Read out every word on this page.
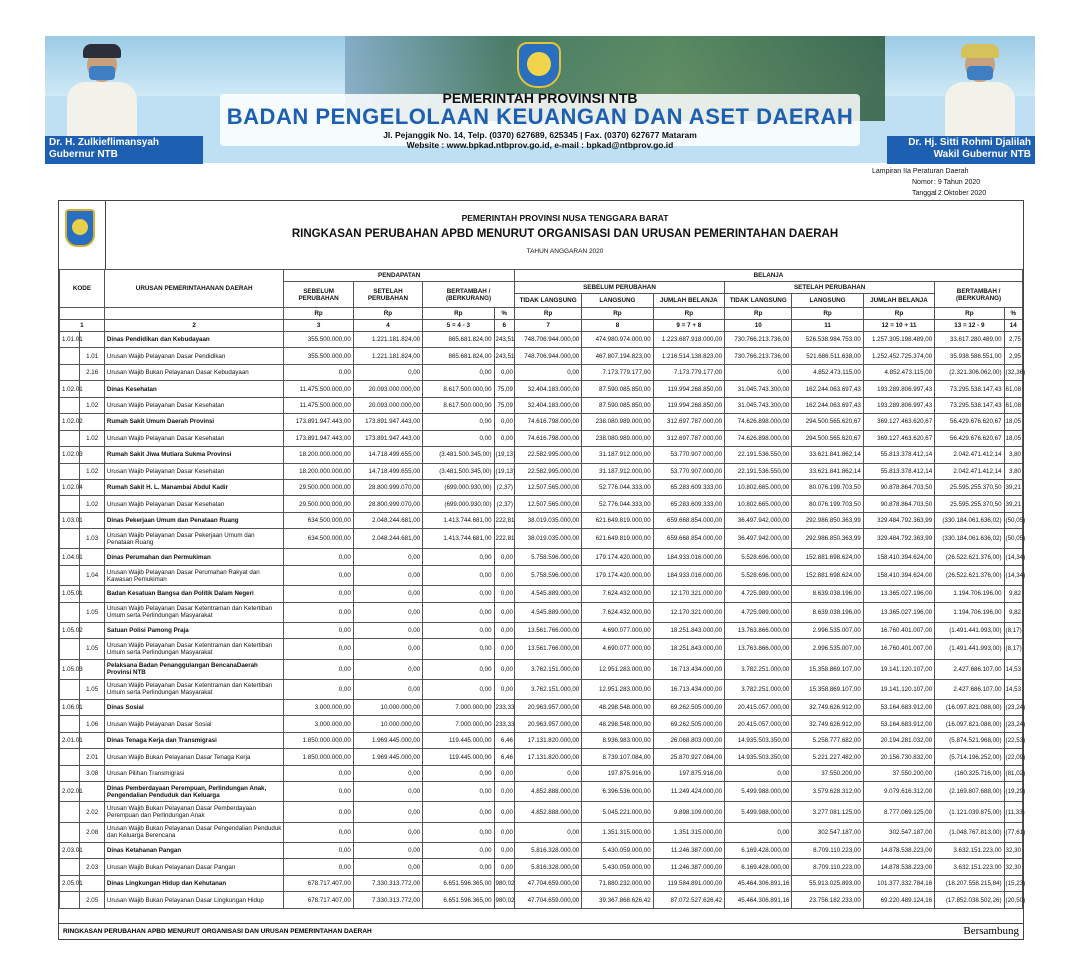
Dr. H. Zulkieflimansyah
Gubernur NTB
Dr. Hj. Sitti Rohmi Djalilah
Wakil Gubernur NTB
PEMERINTAH PROVINSI NTB
BADAN PENGELOLAAN KEUANGAN DAN ASET DAERAH
Jl. Pejanggik No. 14, Telp. (0370) 627689, 625345 | Fax. (0370) 627677 Mataram
Website : www.bpkad.ntbprov.go.id, e-mail : bpkad@ntbprov.go.id
Lampiran IIa Peraturan Daerah
Nomor : 9 Tahun 2020
Tanggal : 2 Oktober 2020
PEMERINTAH PROVINSI NUSA TENGGARA BARAT
RINGKASAN PERUBAHAN APBD MENURUT ORGANISASI DAN URUSAN PEMERINTAHAN DAERAH
TAHUN ANGGARAN 2020
KODE		URUSAN PEMERINTAHANAN DAERAH	PENDAPATAN				BELANJA							
			SEBELUM PERUBAHAN	SETELAH PERUBAHAN	BERTAMBAH / (BERKURANG)		SEBELUM PERUBAHAN			SETELAH PERUBAHAN			BERTAMBAH / (BERKURANG)	
							TIDAK LANGSUNG	LANGSUNG	JUMLAH BELANJA	TIDAK LANGSUNG	LANGSUNG	JUMLAH BELANJA		
			Rp	Rp	Rp	%	Rp	Rp	Rp	Rp	Rp	Rp	Rp	%
1		2	3	4	5 = 4 - 3	6	7	8	9 = 7 + 8	10	11	12 = 10 + 11	13 = 12 - 9	14
1.01.01		Dinas Pendidikan dan Kebudayaan	355.500.000,00	1.221.181.824,00	865.681.824,00	243,51	748.706.944.000,00	474.980.974.000,00	1.223.687.918.000,00	730.766.213.736,00	526.538.984.753,00	1.257.305.198.489,00	33.617.280.489,00	2,75
	1.01	Urusan Wajib Pelayanan Dasar Pendidikan	355.500.000,00	1.221.181.824,00	865.681.824,00	243,51	748.706.944.000,00	467.807.194.823,00	1.216.514.138.823,00	730.766.213.736,00	521.686.511.638,00	1.252.452.725.374,00	35.938.586.551,00	2,95
	2.16	Urusan Wajib Bukan Pelayanan Dasar Kebudayaan	0,00	0,00	0,00	0,00	0,00	7.173.779.177,00	7.173.779.177,00	0,00	4.852.473.115,00	4.852.473.115,00	(2.321.306.062,00)	(32,36)
1.02.01		Dinas Kesehatan	11.475.500.000,00	20.093.000.000,00	8.617.500.000,00	75,09	32.404.183.000,00	87.590.085.850,00	119.994.268.850,00	31.045.743.300,00	162.244.063.697,43	193.289.806.997,43	73.295.538.147,43	61,08
	1.02	Urusan Wajib Pelayanan Dasar Kesehatan	11.475.500.000,00	20.093.000.000,00	8.617.500.000,00	75,09	32.404.183.000,00	87.590.085.850,00	119.994.268.850,00	31.045.743.300,00	162.244.063.697,43	193.289.806.997,43	73.295.538.147,43	61,08
1.02.02		Rumah Sakit Umum Daerah Provinsi	173.891.947.443,00	173.891.947.443,00	0,00	0,00	74.616.798.000,00	238.080.989.000,00	312.697.787.000,00	74.626.898.000,00	294.500.565.620,67	369.127.463.620,67	56.429.676.620,67	18,05
	1.02	Urusan Wajib Pelayanan Dasar Kesehatan	173.891.947.443,00	173.891.947.443,00	0,00	0,00	74.616.798.000,00	238.080.989.000,00	312.697.787.000,00	74.626.898.000,00	294.500.565.620,67	369.127.463.620,67	56.429.676.620,67	18,05
1.02.03		Rumah Sakit Jiwa Mutiara Sukma Provinsi	18.200.000.000,00	14.718.499.655,00	(3.481.500.345,00)	(19,13)	22.582.995.000,00	31.187.912.000,00	53.770.907.000,00	22.191.536.550,00	33.621.841.862,14	55.813.378.412,14	2.042.471.412,14	3,80
	1.02	Urusan Wajib Pelayanan Dasar Kesehatan	18.200.000.000,00	14.718.499.655,00	(3.481.500.345,00)	(19,13)	22.582.995.000,00	31.187.912.000,00	53.770.907.000,00	22.191.536.550,00	33.621.841.862,14	55.813.378.412,14	2.042.471.412,14	3,80
1.02.04		Rumah Sakit H. L. Manambai Abdul Kadir	29.500.000.000,00	28.800.999.070,00	(699.000.930,00)	(2,37)	12.507.565.000,00	52.776.044.333,00	65.283.609.333,00	10.802.665.000,00	80.076.199.703,50	90.878.864.703,50	25.595.255.370,50	39,21
	1.02	Urusan Wajib Pelayanan Dasar Kesehatan	29.500.000.000,00	28.800.999.070,00	(699.000.930,00)	(2,37)	12.507.565.000,00	52.776.044.333,00	65.283.609.333,00	10.802.665.000,00	80.076.199.703,50	90.878.864.703,50	25.595.255.370,50	39,21
1.03.01		Dinas Pekerjaan Umum dan Penataan Ruang	634.500.000,00	2.048.244.681,00	1.413.744.681,00	222,81	38.019.035.000,00	621.649.819.000,00	659.668.854.000,00	36.497.942.000,00	292.986.850.363,99	329.484.792.363,99	(330.184.061.636,02)	(50,05)
	1.03	Urusan Wajib Pelayanan Dasar Pekerjaan Umum dan Penataan Ruang	634.500.000,00	2.048.244.681,00	1.413.744.681,00	222,81	38.019.035.000,00	621.649.819.000,00	659.668.854.000,00	36.497.942.000,00	292.986.850.363,99	329.484.792.363,99	(330.184.061.636,02)	(50,05)
1.04.01		Dinas Perumahan dan Permukiman	0,00	0,00	0,00	0,00	5.758.596.000,00	179.174.420.000,00	184.933.016.000,00	5.528.696.000,00	152.881.698.624,00	158.410.394.624,00	(26.522.621.376,00)	(14,34)
	1.04	Urusan Wajib Pelayanan Dasar Perumahan Rakyat dan Kawasan Pemukiman	0,00	0,00	0,00	0,00	5.758.596.000,00	179.174.420.000,00	184.933.016.000,00	5.528.696.000,00	152.881.698.624,00	158.410.394.624,00	(26.522.621.376,00)	(14,34)
1.05.01		Badan Kesatuan Bangsa dan Politik Dalam Negeri	0,00	0,00	0,00	0,00	4.545.889.000,00	7.624.432.000,00	12.170.321.000,00	4.725.989.000,00	8.639.038.196,00	13.365.027.196,00	1.194.706.196,00	9,82
	1.05	Urusan Wajib Pelayanan Dasar Ketentraman dan Ketertiban Umum serta Perlindungan Masyarakat	0,00	0,00	0,00	0,00	4.545.889.000,00	7.624.432.000,00	12.170.321.000,00	4.725.989.000,00	8.639.038.196,00	13.365.027.196,00	1.194.706.196,00	9,82
1.05.02		Satuan Polisi Pamong Praja	0,00	0,00	0,00	0,00	13.561.766.000,00	4.690.077.000,00	18.251.843.000,00	13.763.866.000,00	2.996.535.007,00	16.760.401.007,00	(1.491.441.993,00)	(8,17)
	1.05	Urusan Wajib Pelayanan Dasar Ketentraman dan Ketertiban Umum serta Perlindungan Masyarakat	0,00	0,00	0,00	0,00	13.561.766.000,00	4.690.077.000,00	18.251.843.000,00	13.763.866.000,00	2.996.535.007,00	16.760.401.007,00	(1.491.441.993,00)	(8,17)
1.05.03		Pelaksana Badan Penanggulangan BencanaDaerah Provinsi NTB	0,00	0,00	0,00	0,00	3.762.151.000,00	12.951.283.000,00	16.713.434.000,00	3.782.251.000,00	15.358.869.107,00	19.141.120.107,00	2.427.686.107,00	14,53
	1.05	Urusan Wajib Pelayanan Dasar Ketentraman dan Ketertiban Umum serta Perlindungan Masyarakat	0,00	0,00	0,00	0,00	3.762.151.000,00	12.951.283.000,00	16.713.434.000,00	3.782.251.000,00	15.358.869.107,00	19.141.120.107,00	2.427.686.107,00	14,53
1.06.01		Dinas Sosial	3.000.000,00	10.000.000,00	7.000.000,00	233,33	20.963.957.000,00	48.298.548.000,00	69.262.505.000,00	20.415.057.000,00	32.749.626.912,00	53.164.683.912,00	(16.097.821.088,00)	(23,24)
	1.06	Urusan Wajib Pelayanan Dasar Sosial	3.000.000,00	10.000.000,00	7.000.000,00	233,33	20.963.957.000,00	48.298.548.000,00	69.262.505.000,00	20.415.057.000,00	32.749.626.912,00	53.164.683.912,00	(16.097.821.088,00)	(23,24)
2.01.01		Dinas Tenaga Kerja dan Transmigrasi	1.850.000.000,00	1.969.445.000,00	119.445.000,00	6,46	17.131.820.000,00	8.936.983.000,00	26.068.803.000,00	14.935.503.350,00	5.258.777.682,00	20.194.281.032,00	(5.874.521.968,00)	(22,53)
	2.01	Urusan Wajib Bukan Pelayanan Dasar Tenaga Kerja	1.850.000.000,00	1.969.445.000,00	119.445.000,00	6,46	17.131.820.000,00	8.739.107.084,00	25.870.927.084,00	14.935.503.350,00	5.221.227.482,00	20.156.730.832,00	(5.714.196.252,00)	(22,09)
	3.08	Urusan Pilihan Transmigrasi	0,00	0,00	0,00	0,00	0,00	197.875.916,00	197.875.916,00	0,00	37.550.200,00	37.550.200,00	(160.325.716,00)	(81,02)
2.02.01		Dinas Pemberdayaan Perempuan, Perlindungan Anak, Pengendalian Penduduk dan Keluarga	0,00	0,00	0,00	0,00	4.852.888.000,00	6.396.536.000,00	11.249.424.000,00	5.499.988.000,00	3.579.628.312,00	9.079.616.312,00	(2.169.807.688,00)	(19,29)
	2.02	Urusan Wajib Bukan Pelayanan Dasar Pemberdayaan Perempuan dan Perlindungan Anak	0,00	0,00	0,00	0,00	4.852.888.000,00	5.045.221.000,00	9.898.109.000,00	5.499.988.000,00	3.277.081.125,00	8.777.069.125,00	(1.121.039.875,00)	(11,33)
	2.08	Urusan Wajib Bukan Pelayanan Dasar Pengendalian Penduduk dan Keluarga Berencana	0,00	0,00	0,00	0,00	0,00	1.351.315.000,00	1.351.315.000,00	0,00	302.547.187,00	302.547.187,00	(1.048.767.813,00)	(77,61)
2.03.01		Dinas Ketahanan Pangan	0,00	0,00	0,00	0,00	5.816.328.000,00	5.430.059.000,00	11.246.387.000,00	6.169.428.000,00	8.709.110.223,00	14.878.538.223,00	3.632.151.223,00	32,30
	2.03	Urusan Wajib Bukan Pelayanan Dasar Pangan	0,00	0,00	0,00	0,00	5.816.328.000,00	5.430.059.000,00	11.246.387.000,00	6.169.428.000,00	8.709.110.223,00	14.878.538.223,00	3.632.151.223,00	32,30
2.05.01		Dinas Lingkungan Hidup dan Kehutanan	678.717.407,00	7.330.313.772,00	6.651.596.365,00	980,02	47.704.659.000,00	71.880.232.000,00	119.584.891.000,00	45.464.306.891,16	55.913.025.893,00	101.377.332.784,16	(18.207.558.215,84)	(15,23)
	2.05	Urusan Wajib Bukan Pelayanan Dasar Lingkungan Hidup	678.717.407,00	7.330.313.772,00	6.651.596.365,00	980,02	47.704.659.000,00	39.367.868.626,42	87.072.527.626,42	45.464.306.891,16	23.756.182.233,00	69.220.489.124,16	(17.852.038.502,26)	(20,50)
RINGKASAN PERUBAHAN APBD MENURUT ORGANISASI DAN URUSAN PEMERINTAHAN DAERAH	Bersambung
